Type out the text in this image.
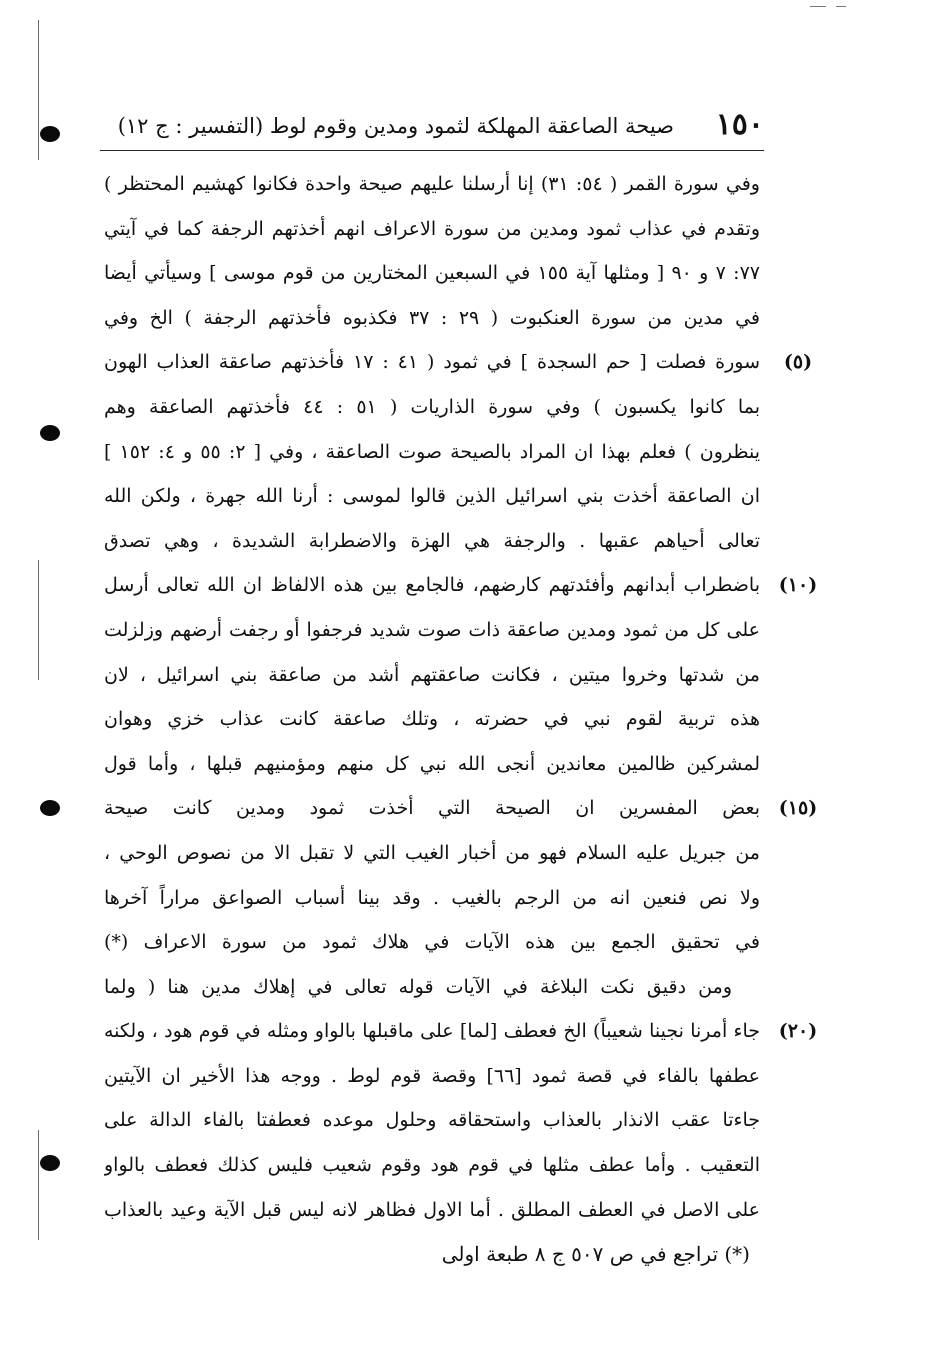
١٥٠
صيحة الصاعقة المهلكة لثمود ومدين وقوم لوط (التفسير : ج ١٢)
وفي سورة القمر ( ٥٤: ٣١) إنا أرسلنا عليهم صيحة واحدة فكانوا كهشيم المحتظر )
وتقدم في عذاب ثمود ومدين من سورة الاعراف انهم أخذتهم الرجفة كما في آيتي
٧٧: ٧ و ٩٠ [ ومثلها آية ١٥٥ في السبعين المختارين من قوم موسى ] وسيأتي أيضا
في مدين من سورة العنكبوت ( ٢٩ : ٣٧ فكذبوه فأخذتهم الرجفة ) الخ وفي
سورة فصلت [ حم السجدة ] في ثمود ( ٤١ : ١٧ فأخذتهم صاعقة العذاب الهون
بما كانوا يكسبون ) وفي سورة الذاريات ( ٥١ : ٤٤ فأخذتهم الصاعقة وهم
ينظرون ) فعلم بهذا ان المراد بالصيحة صوت الصاعقة ، وفي [ ٢: ٥٥ و ٤: ١٥٢ ]
ان الصاعقة أخذت بني اسرائيل الذين قالوا لموسى : أرنا الله جهرة ، ولكن الله
تعالى أحياهم عقبها . والرجفة هي الهزة والاضطرابة الشديدة ، وهي تصدق
باضطراب أبدانهم وأفئدتهم كارضهم، فالجامع بين هذه الالفاظ ان الله تعالى أرسل
على كل من ثمود ومدين صاعقة ذات صوت شديد فرجفوا أو رجفت أرضهم وزلزلت
من شدتها وخروا ميتين ، فكانت صاعقتهم أشد من صاعقة بني اسرائيل ، لان
هذه تربية لقوم نبي في حضرته ، وتلك صاعقة كانت عذاب خزي وهوان
لمشركين ظالمين معاندين أنجى الله نبي كل منهم ومؤمنيهم قبلها ، وأما قول
بعض المفسرين ان الصيحة التي أخذت ثمود ومدين كانت صيحة
من جبريل عليه السلام فهو من أخبار الغيب التي لا تقبل الا من نصوص الوحي ،
ولا نص فنعين انه من الرجم بالغيب . وقد بينا أسباب الصواعق مراراً آخرها
في تحقيق الجمع بين هذه الآيات في هلاك ثمود من سورة الاعراف (*)
ومن دقيق نكت البلاغة في الآيات قوله تعالى في إهلاك مدين هنا ( ولما
جاء أمرنا نجينا شعيباً) الخ فعطف [لما] على ماقبلها بالواو ومثله في قوم هود ، ولكنه
عطفها بالفاء في قصة ثمود [٦٦] وقصة قوم لوط . ووجه هذا الأخير ان الآيتين
جاءتا عقب الانذار بالعذاب واستحقاقه وحلول موعده فعطفتا بالفاء الدالة على
التعقيب . وأما عطف مثلها في قوم هود وقوم شعيب فليس كذلك فعطف بالواو
على الاصل في العطف المطلق . أما الاول فظاهر لانه ليس قبل الآية وعيد بالعذاب
(٥)
(١٠)
(١٥)
(٢٠)
(*) تراجع في ص ٥٠٧ ج ٨ طبعة اولى
